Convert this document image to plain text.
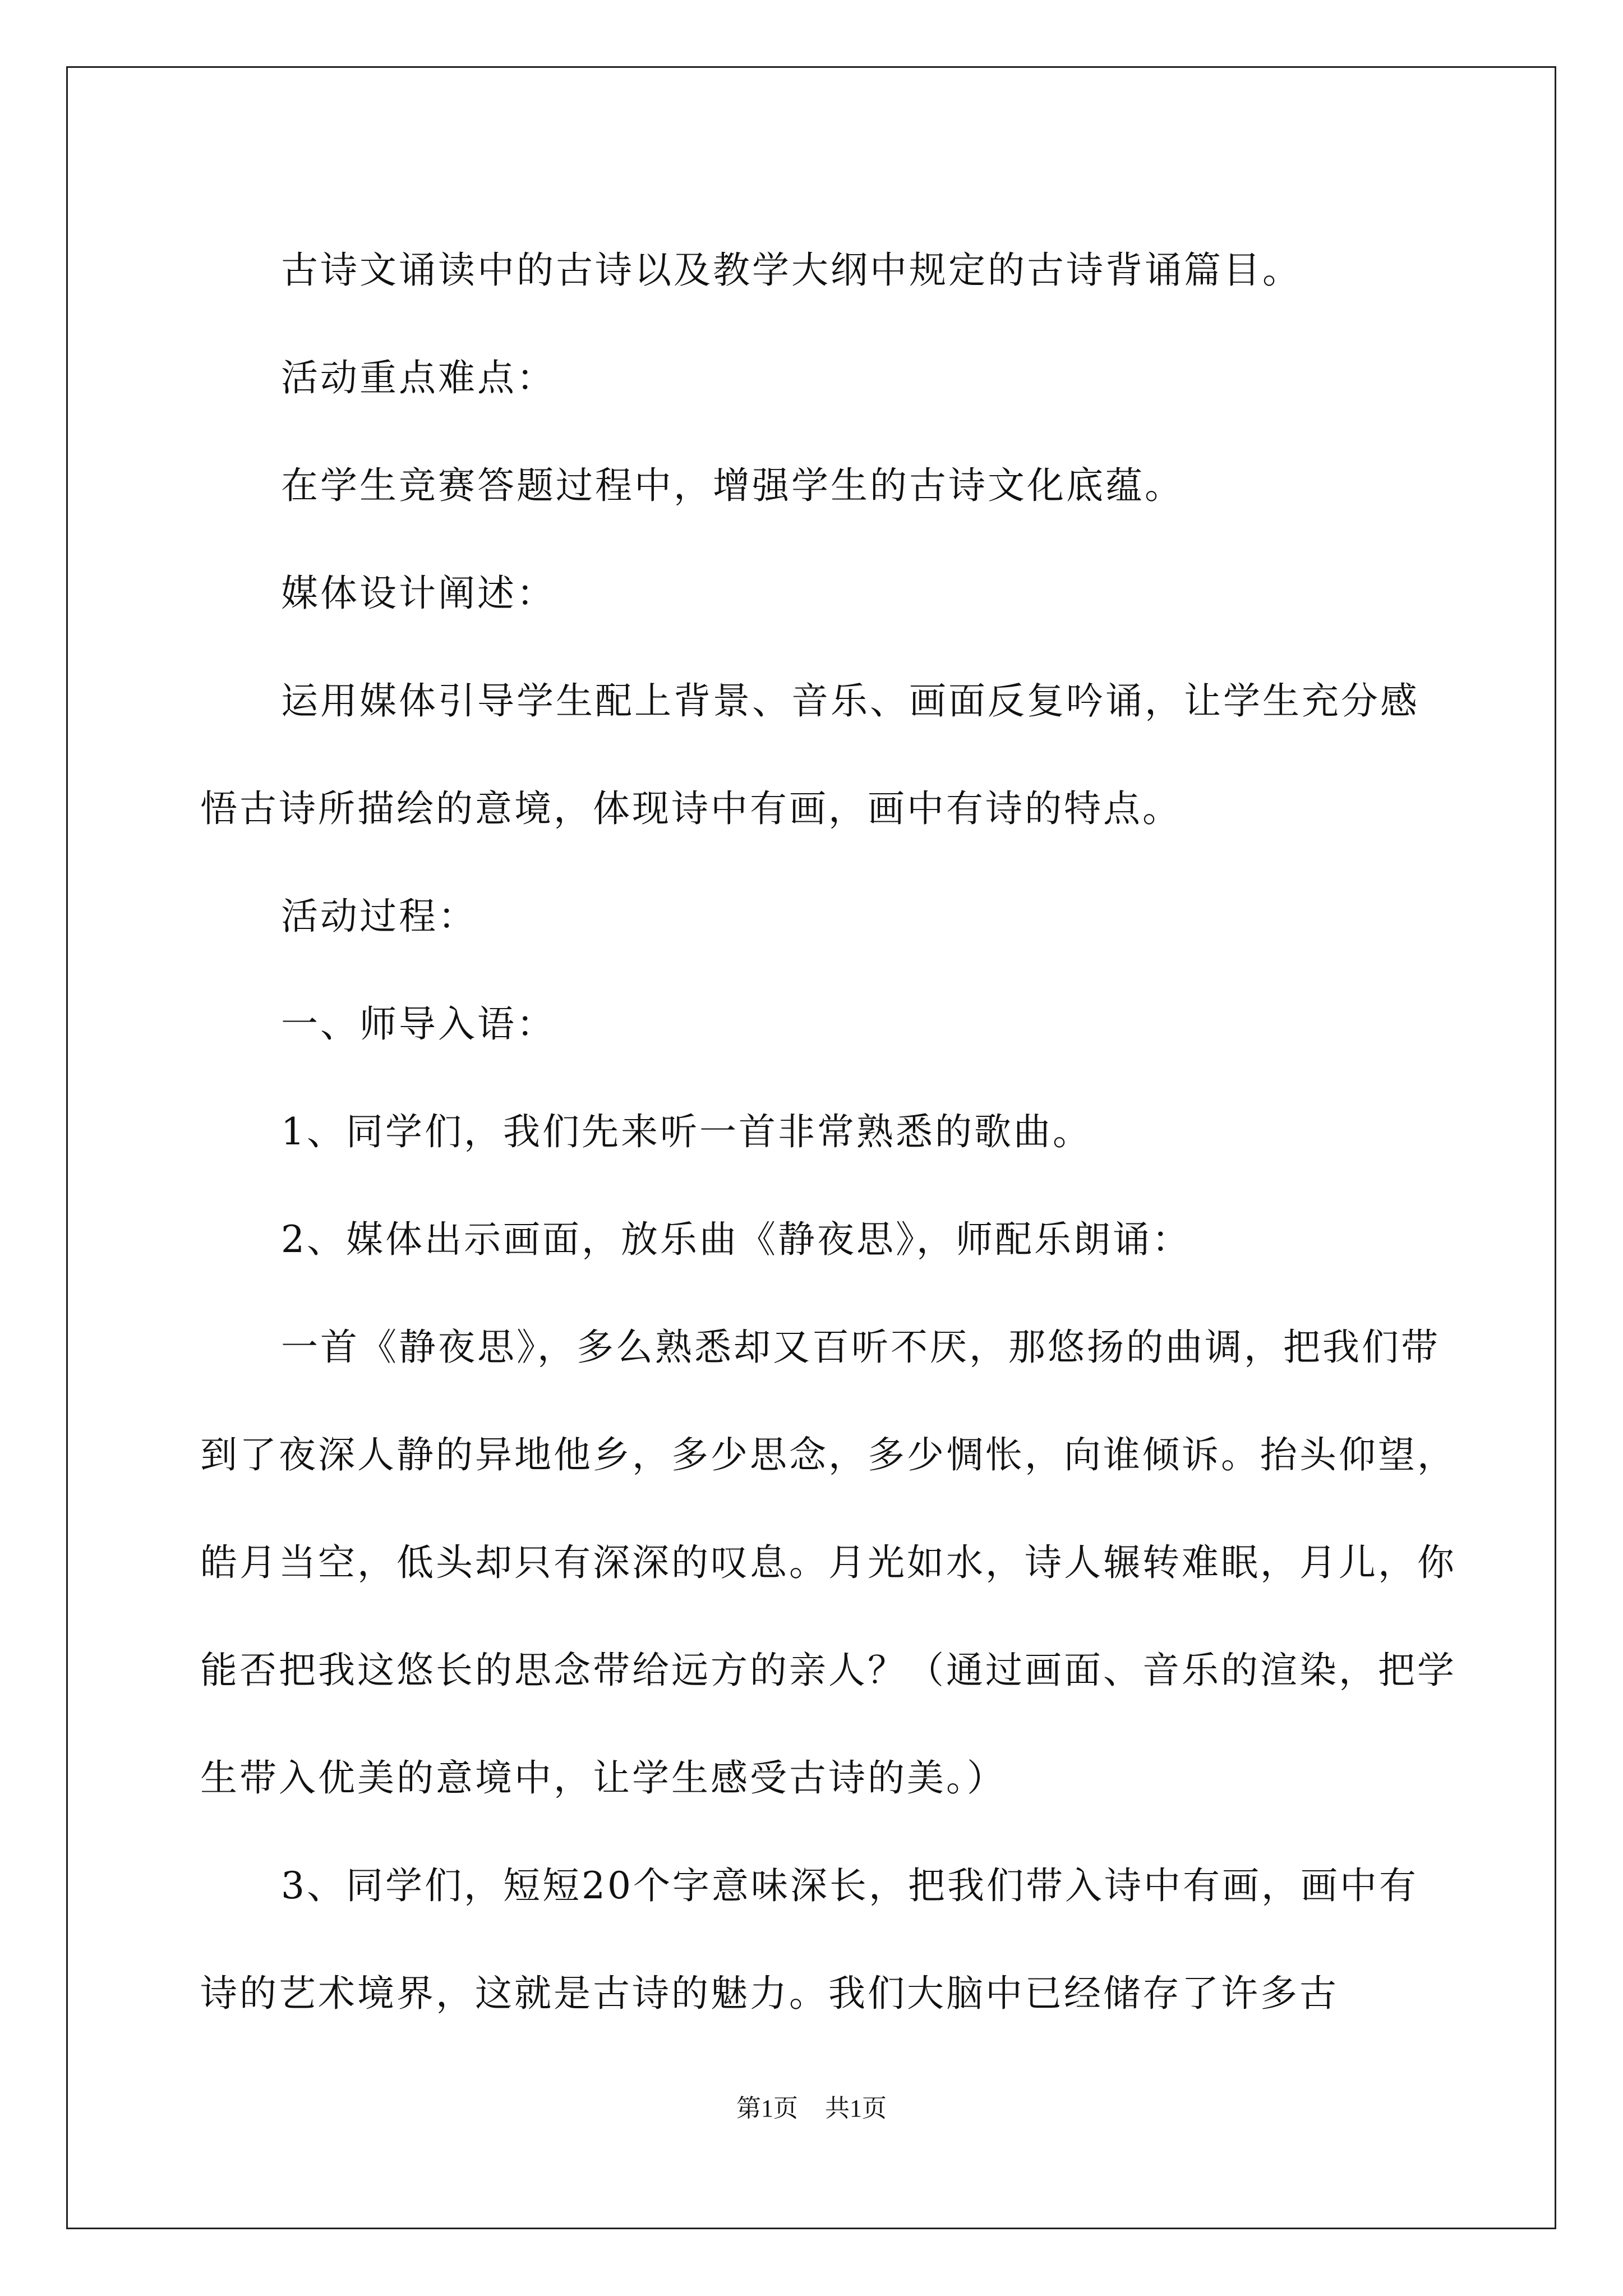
古诗文诵读中的古诗以及教学大纲中规定的古诗背诵篇目。

活动重点难点：

在学生竞赛答题过程中，增强学生的古诗文化底蕴。

媒体设计阐述：

运用媒体引导学生配上背景、音乐、画面反复吟诵，让学生充分感悟古诗所描绘的意境，体现诗中有画，画中有诗的特点。

活动过程：

一、师导入语：

1、同学们，我们先来听一首非常熟悉的歌曲。

2、媒体出示画面，放乐曲《静夜思》，师配乐朗诵：

一首《静夜思》，多么熟悉却又百听不厌，那悠扬的曲调，把我们带到了夜深人静的异地他乡，多少思念，多少惆怅，向谁倾诉。抬头仰望，皓月当空，低头却只有深深的叹息。月光如水，诗人辗转难眠，月儿，你能否把我这悠长的思念带给远方的亲人？（通过画面、音乐的渲染，把学生带入优美的意境中，让学生感受古诗的美。）

3、同学们，短短20个字意味深长，把我们带入诗中有画，画中有诗的艺术境界，这就是古诗的魅力。我们大脑中已经储存了许多古

第1页 共1页
